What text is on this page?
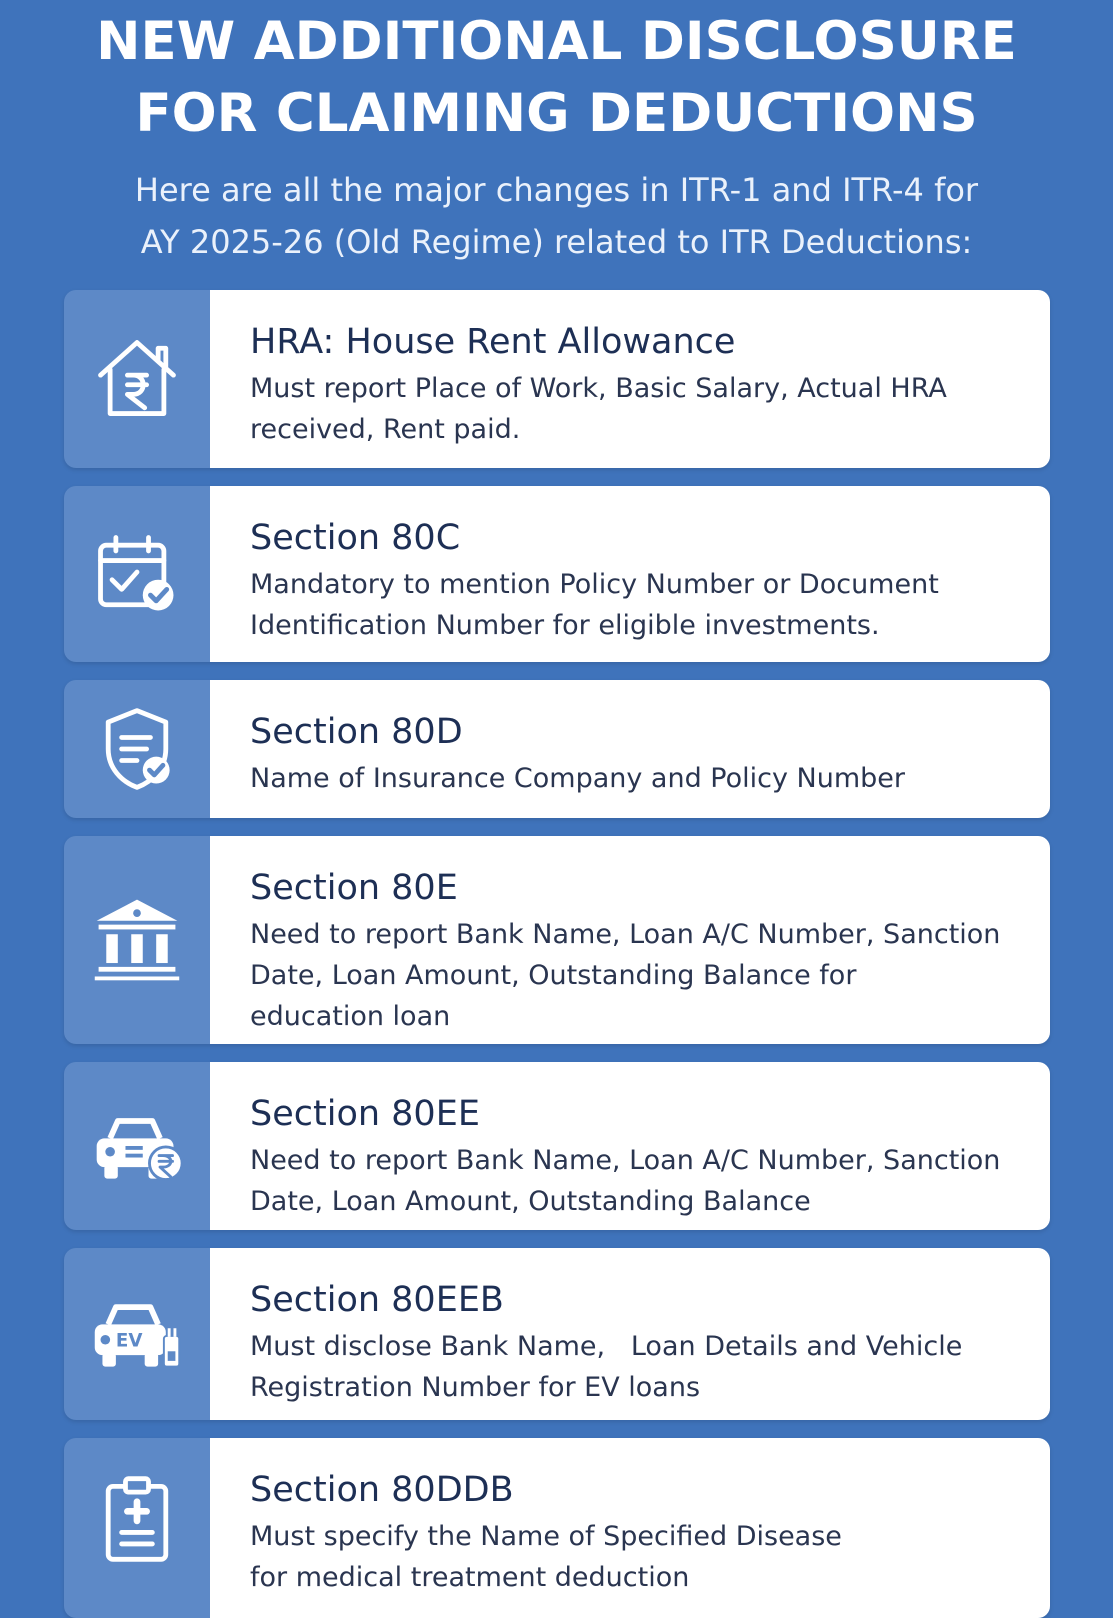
NEW ADDITIONAL DISCLOSURE
FOR CLAIMING DEDUCTIONS
Here are all the major changes in ITR-1 and ITR-4 for
AY 2025-26 (Old Regime) related to ITR Deductions:
HRA: House Rent Allowance

Must report Place of Work, Basic Salary, Actual HRA
received, Rent paid.

Section 80C

Mandatory to mention Policy Number or Document
Identification Number for eligible investments.

Section 80D

Name of Insurance Company and Policy Number

Section 80E

Need to report Bank Name, Loan A/C Number, Sanction
Date, Loan Amount, Outstanding Balance for
education loan

Section 80EE

Need to report Bank Name, Loan A/C Number, Sanction
Date, Loan Amount, Outstanding Balance

EV
Section 80EEB

Must disclose Bank Name,   Loan Details and Vehicle
Registration Number for EV loans

Section 80DDB

Must specify the Name of Specified Disease
for medical treatment deduction
